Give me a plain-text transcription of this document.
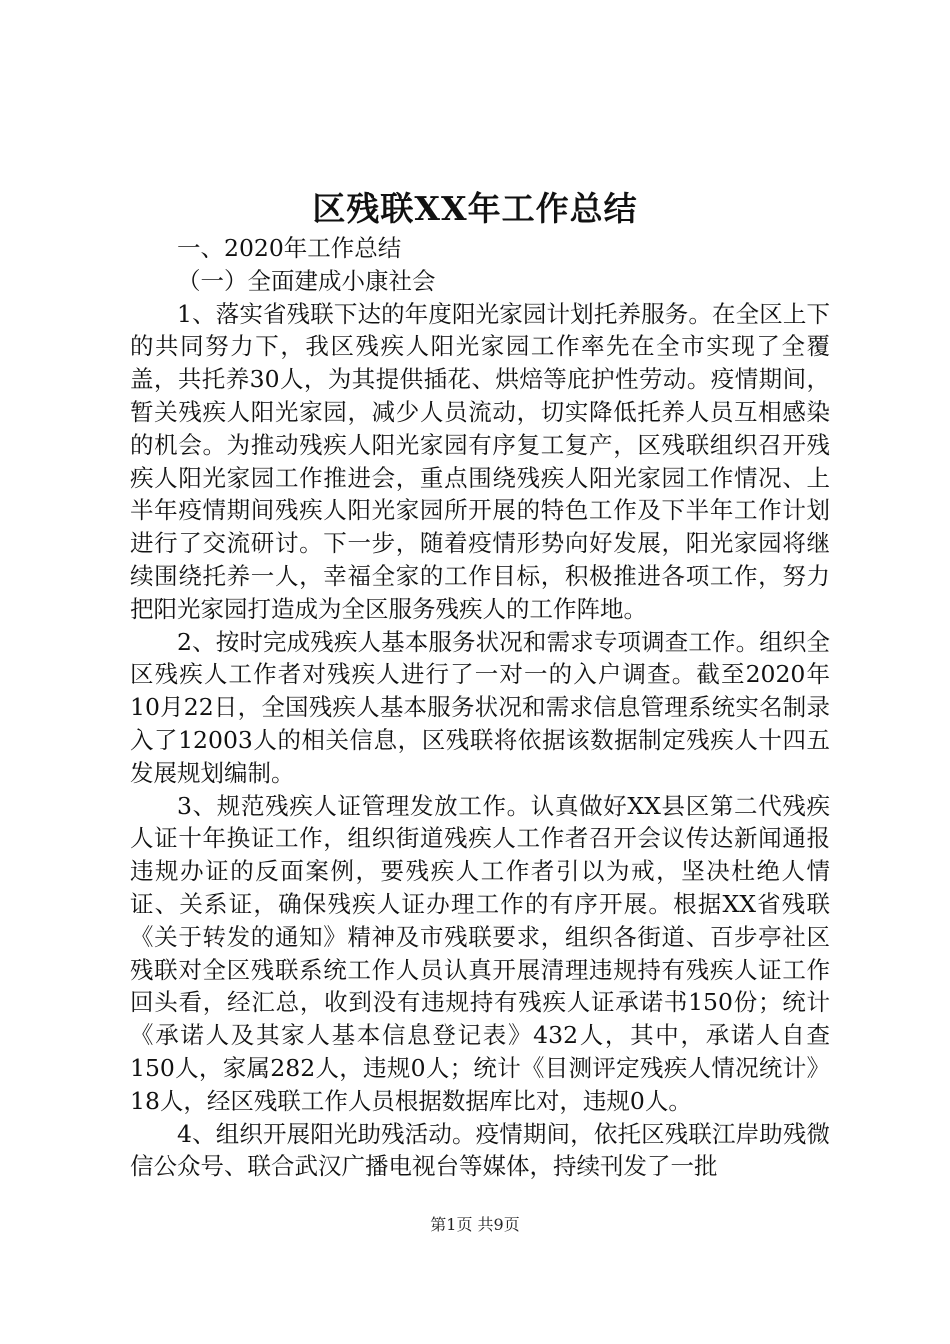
区残联XX年工作总结

一、2020年工作总结

（一）全面建成小康社会

1、落实省残联下达的年度阳光家园计划托养服务。在全区上下的共同努力下，我区残疾人阳光家园工作率先在全市实现了全覆盖，共托养30人，为其提供插花、烘焙等庇护性劳动。疫情期间，暂关残疾人阳光家园，减少人员流动，切实降低托养人员互相感染的机会。为推动残疾人阳光家园有序复工复产，区残联组织召开残疾人阳光家园工作推进会，重点围绕残疾人阳光家园工作情况、上半年疫情期间残疾人阳光家园所开展的特色工作及下半年工作计划进行了交流研讨。下一步，随着疫情形势向好发展，阳光家园将继续围绕托养一人，幸福全家的工作目标，积极推进各项工作，努力把阳光家园打造成为全区服务残疾人的工作阵地。

2、按时完成残疾人基本服务状况和需求专项调查工作。组织全区残疾人工作者对残疾人进行了一对一的入户调查。截至2020年10月22日，全国残疾人基本服务状况和需求信息管理系统实名制录入了12003人的相关信息，区残联将依据该数据制定残疾人十四五发展规划编制。

3、规范残疾人证管理发放工作。认真做好XX县区第二代残疾人证十年换证工作，组织街道残疾人工作者召开会议传达新闻通报违规办证的反面案例，要残疾人工作者引以为戒，坚决杜绝人情证、关系证，确保残疾人证办理工作的有序开展。根据XX省残联《关于转发的通知》精神及市残联要求，组织各街道、百步亭社区残联对全区残联系统工作人员认真开展清理违规持有残疾人证工作回头看，经汇总，收到没有违规持有残疾人证承诺书150份；统计《承诺人及其家人基本信息登记表》432人，其中，承诺人自查150人，家属282人，违规0人；统计《目测评定残疾人情况统计》18人，经区残联工作人员根据数据库比对，违规0人。

4、组织开展阳光助残活动。疫情期间，依托区残联江岸助残微信公众号、联合武汉广播电视台等媒体，持续刊发了一批

第1页 共9页
